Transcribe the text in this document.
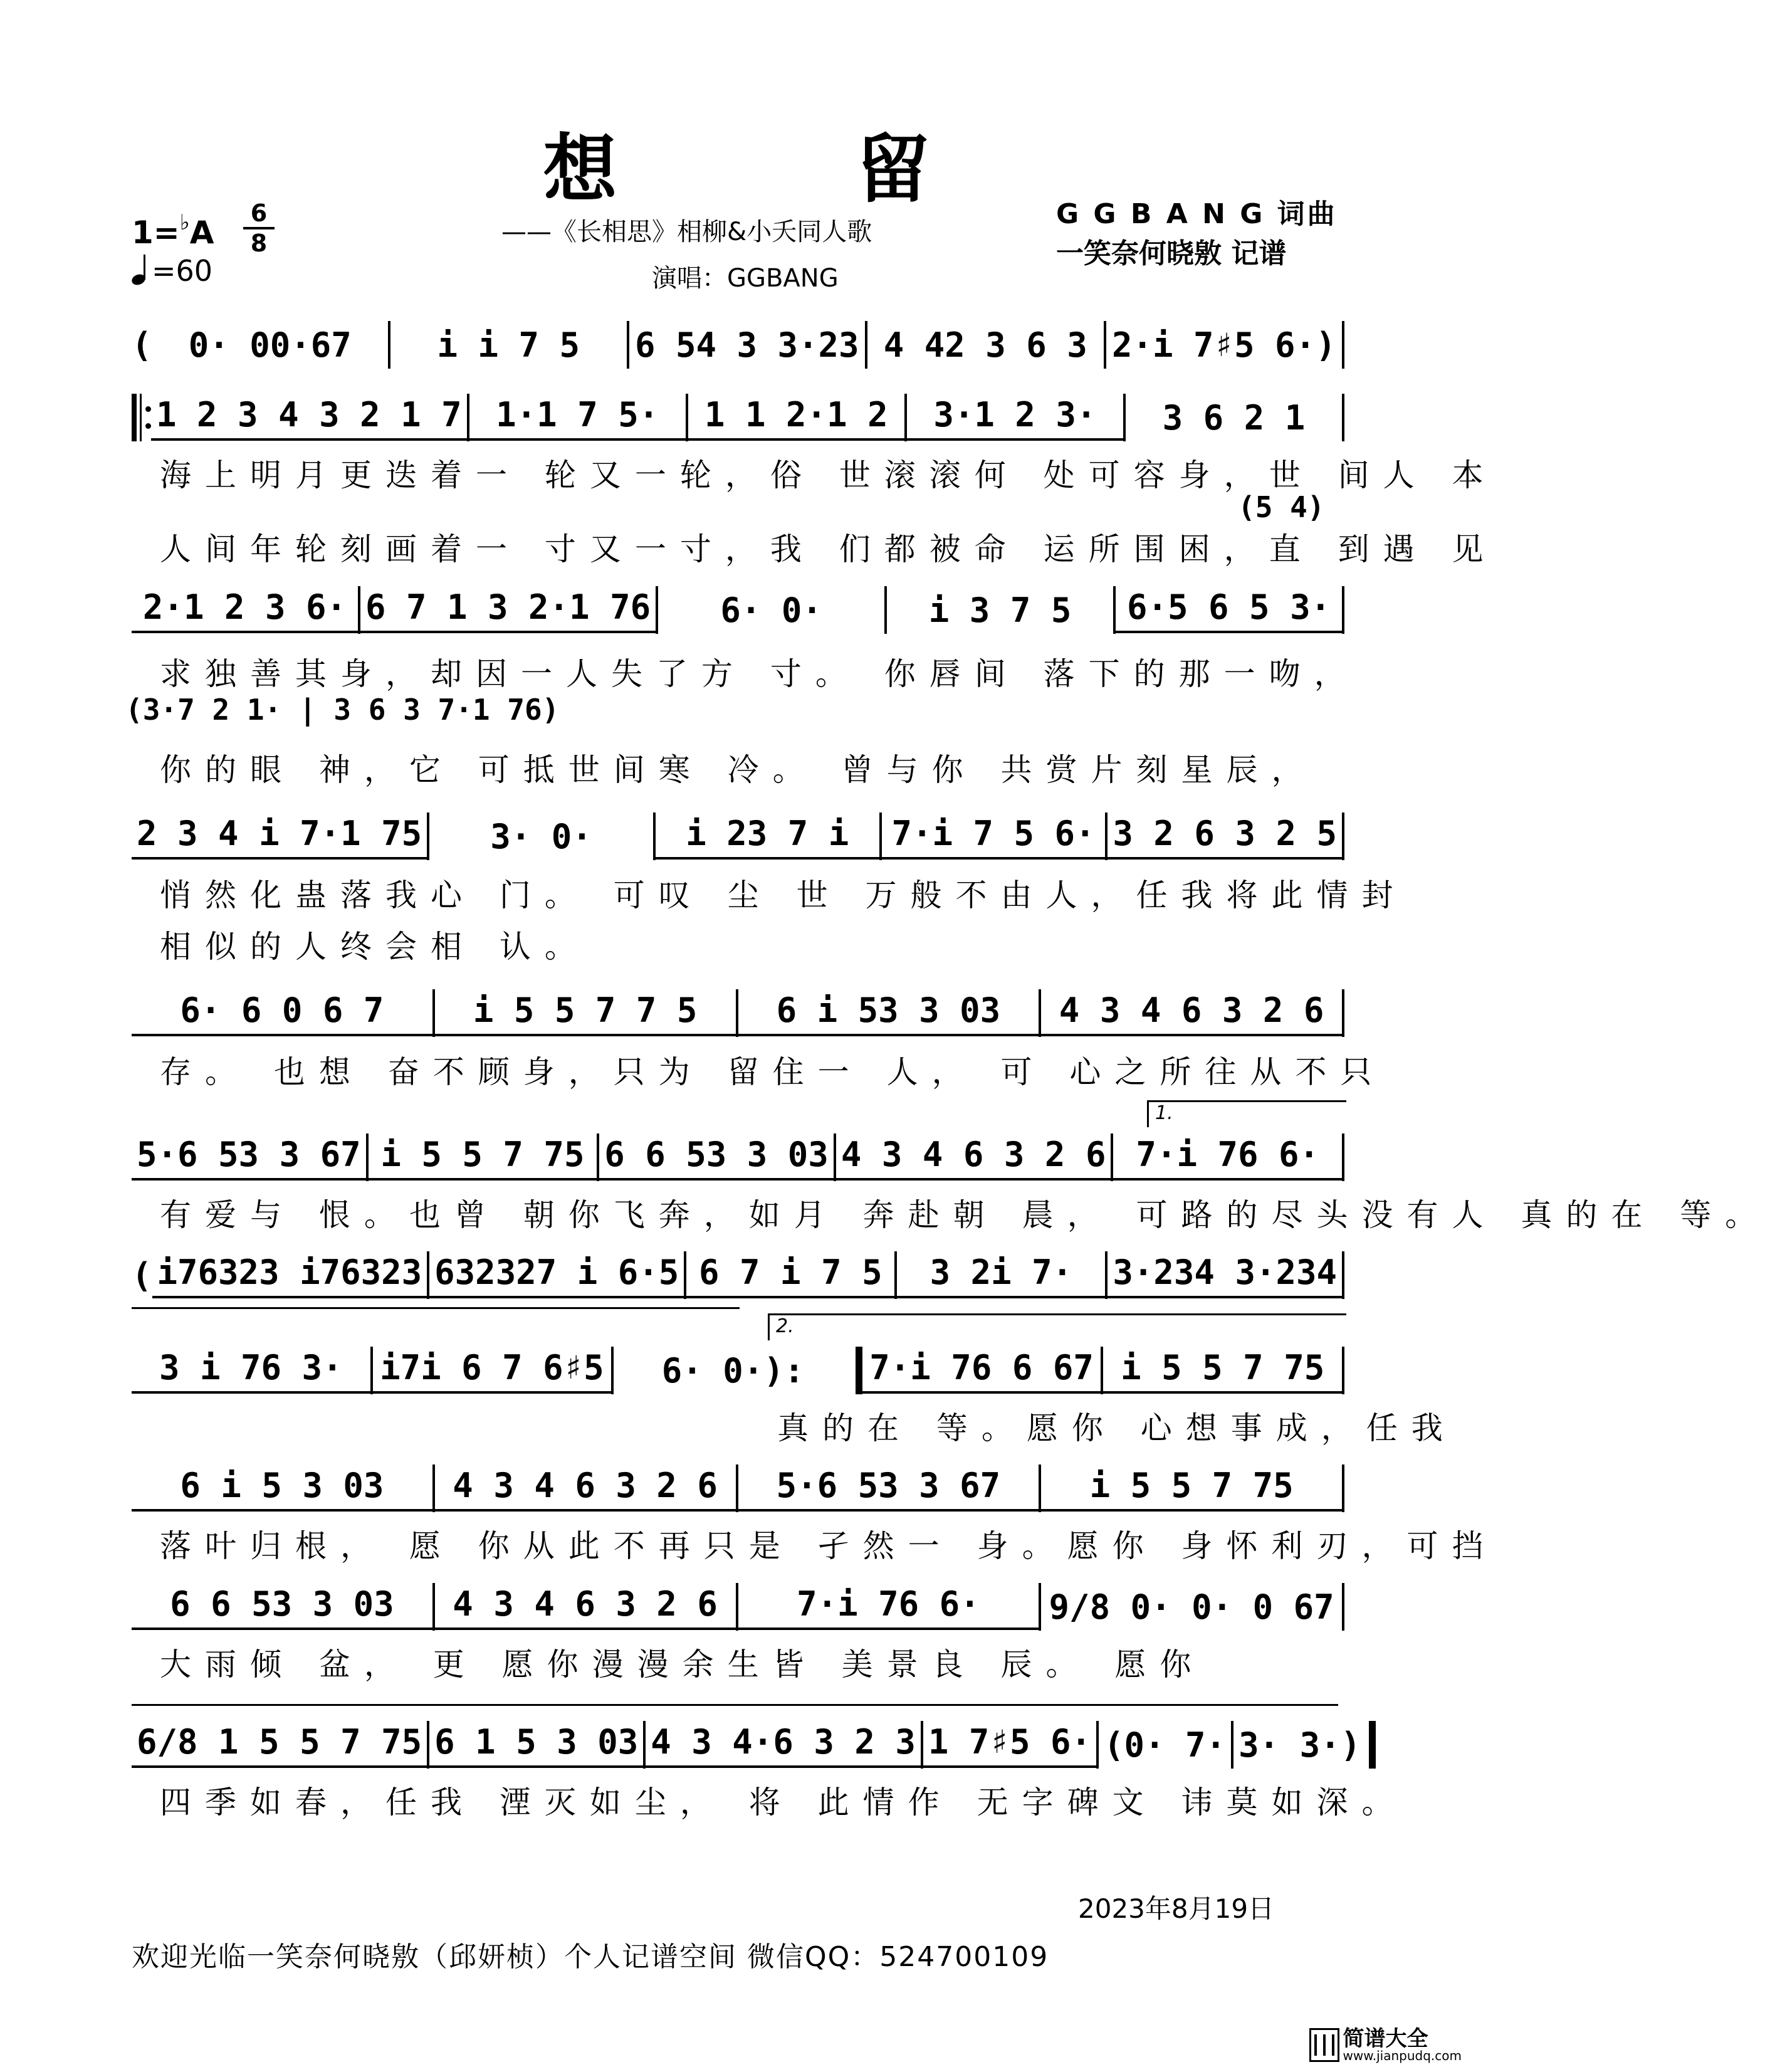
想 留
——《长相思》相柳&小夭同人歌
演唱：GGBANG
G G B A N G 词曲
一笑奈何晓敫 记谱
1=♭A
6
8
=60
(	0· 00·67	i i 7 5	6 54 3 3·23 4 42 3 6 3 2·i 7♯5 6·)
1 2 3 4 3 2 1 7	1·1 7 5·	1 1 2·1 2	3·1 2 3·	3 6 2 1
海上明月更迭着一 轮又一轮，俗 世滚滚何 处可容身，世 间人 本
(5 4)
人间年轮刻画着一 寸又一寸，我 们都被命 运所围困，直 到遇 见
2·1 2 3 6· 6 7 1 3 2·1 76	6· 0·	i 3 7 5	6·5 6 5 3·
求独善其身，却因一人失了方 寸。 你唇间 落下的那一吻，
(3·7 2 1· | 3 6 3 7·1 76)
你的眼 神，它 可抵世间寒 冷。 曾与你 共赏片刻星辰，
2 3 4 i 7·1 75	3· 0·	i 23 7 i	7·i 7 5 6· 3 2 6 3 2 5
悄然化蛊落我心 门。 可叹 尘 世 万般不由人，任我将此情封
相似的人终会相 认。
6· 6 0 6 7	i 5 5 7 7 5	6 i 53 3 03	4 3 4 6 3 2 6
存。 也想 奋不顾身，只为 留住一 人， 可 心之所往从不只
1.
5·6 53 3 67 i 5 5 7 75 6 6 53 3 03 4 3 4 6 3 2 6 7·i 76 6·
有爱与 恨。也曾 朝你飞奔，如月 奔赴朝 晨， 可路的尽头没有人 真的在 等。
( i76323 i76323 632327 i 6·5 6 7 i 7 5	3 2i 7·	3·234 3·234
2.
3 i 76 3·	i7i 6 7 6♯5	6· 0·):	7·i 76 6 67 i 5 5 7 75
真的在 等。愿你 心想事成，任我
6 i 5 3 03	4 3 4 6 3 2 6	5·6 53 3 67	i 5 5 7 75
落叶归根， 愿 你从此不再只是 孑然一 身。愿你 身怀利刃，可挡
6 6 53 3 03	4 3 4 6 3 2 6	7·i 76 6·	9/8 0· 0· 0 67
大雨倾 盆， 更 愿你漫漫余生皆 美景良 辰。 愿你
6/8 1 5 5 7 75 6 1 5 3 03 4 3 4·6 3 2 3 1 7♯5 6· (0· 7· 3· 3·)
四季如春，任我 湮灭如尘， 将 此情作 无字碑文 讳莫如深。
2023年8月19日
欢迎光临一笑奈何晓敫（邱妍桢）个人记谱空间 微信QQ：524700109
简谱大全
www.jianpudq.com
